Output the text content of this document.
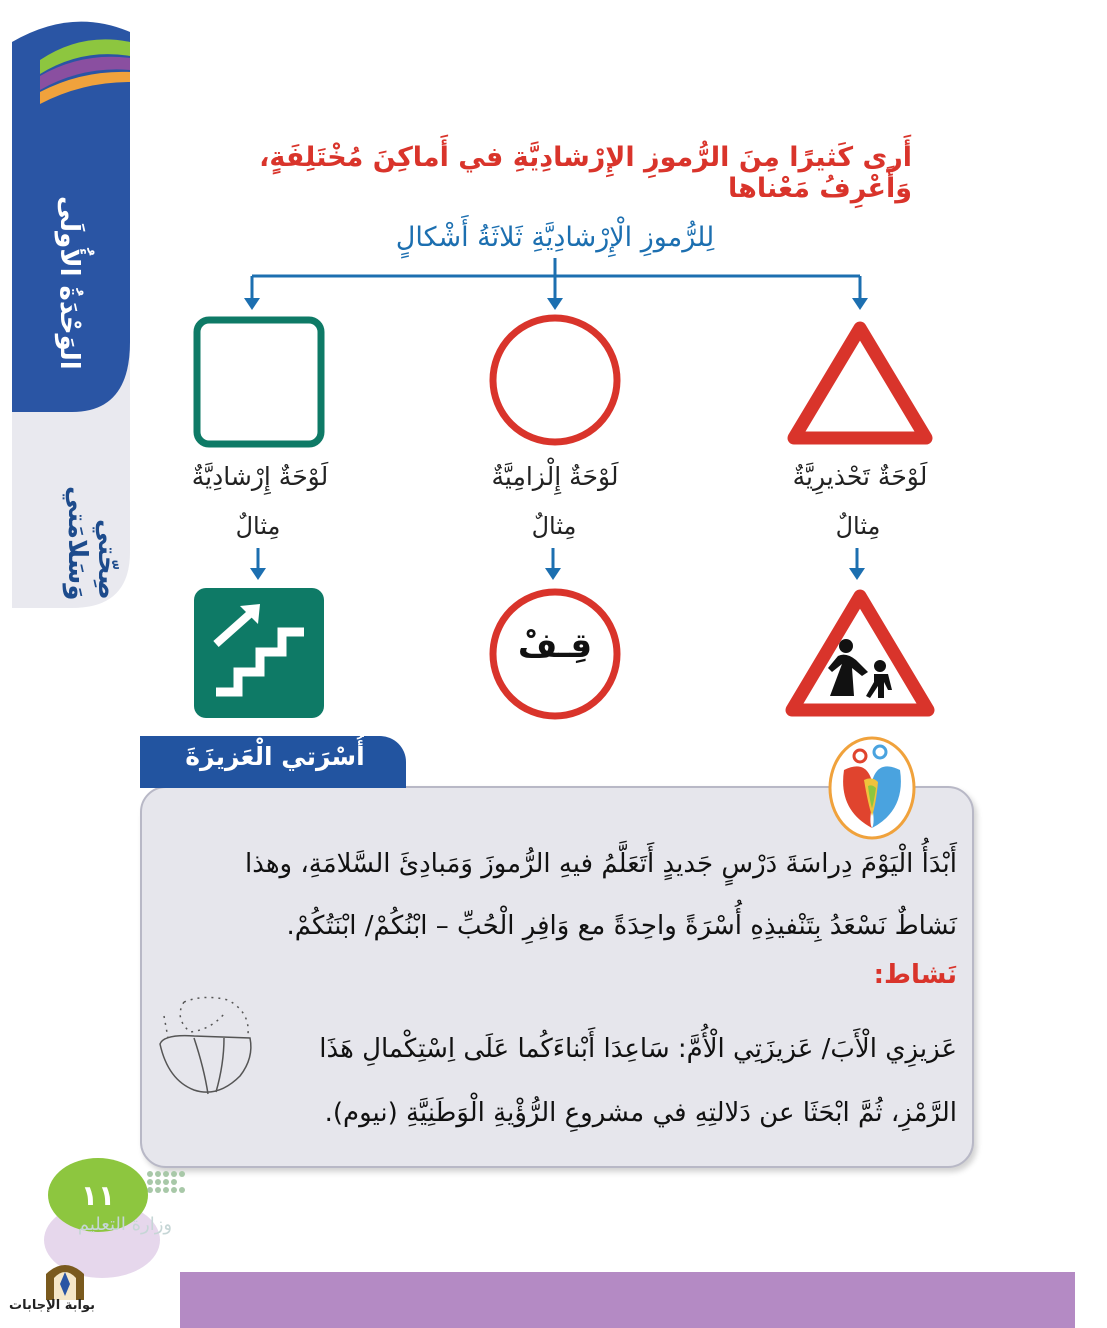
الوَحْدَةُ الأُولَى
صِحّتي وَسَلامَتي
أَرى كَثيرًا مِنَ الرُّموزِ الإِرْشادِيَّةِ في أَماكِنَ مُخْتَلِفَةٍ، وَأَعْرِفُ مَعْناها
لِلرُّموزِ الْإِرْشادِيَّةِ ثَلاثَةُ أَشْكالٍ
لَوْحَةٌ تَحْذيرِيَّةٌ
لَوْحَةٌ إِلْزامِيَّةٌ
لَوْحَةٌ إِرْشادِيَّةٌ
مِثالٌ
مِثالٌ
مِثالٌ
قِـفْ
أُسْرَتي الْعَزيزَةَ
أَبْدَأُ الْيَوْمَ دِراسَةَ دَرْسٍ جَديدٍ أَتَعَلَّمُ فيهِ الرُّموزَ وَمَبادِئَ السَّلامَةِ، وهذا
نَشاطٌ نَسْعَدُ بِتَنْفيذِهِ أُسْرَةً واحِدَةً مع وَافِرِ الْحُبِّ – ابْنُكُمْ/ ابْنَتُكُمْ.
نَشاط:
عَزيزِي الْأَبَ/ عَزيزَتِي الْأُمَّ: سَاعِدَا أَبْناءَكُما عَلَى اِسْتِكْمالِ هَذَا
الرَّمْزِ، ثُمَّ ابْحَثَا عن دَلالتِهِ في مشروعِ الرُّؤْيةِ الْوَطَنِيَّةِ (نيوم).
١١
وزارة التعليم
بوابة الإجابات
